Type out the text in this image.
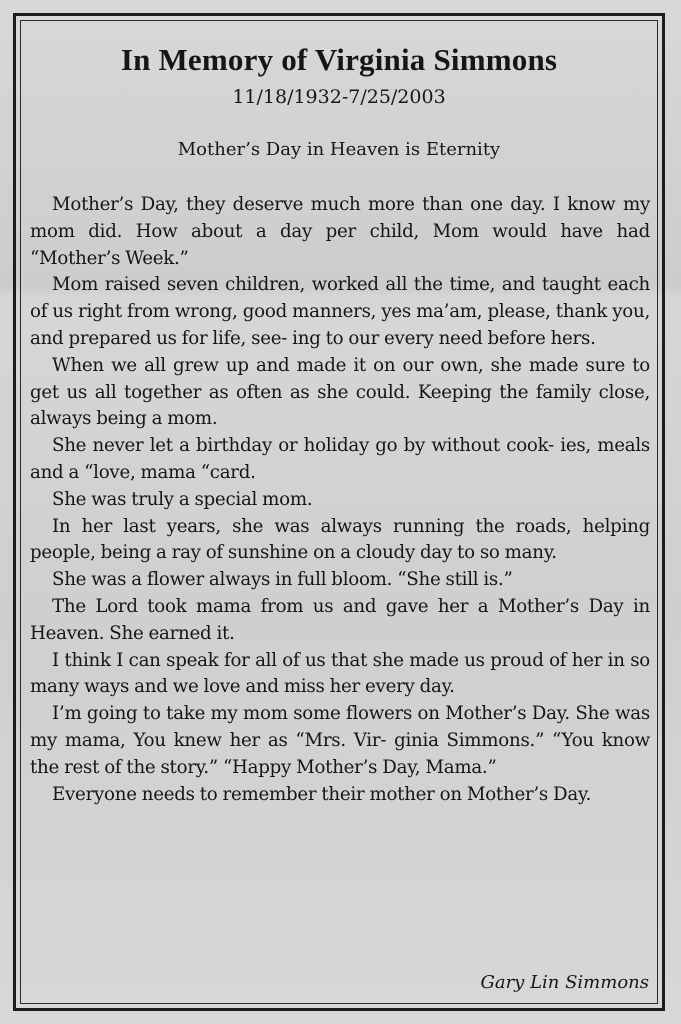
In Memory of Virginia Simmons
11/18/1932-7/25/2003
Mother’s Day in Heaven is Eternity

Mother’s Day, they deserve much more than one day. I know my mom did. How about a day per child, Mom would have had “Mother’s Week.”

Mom raised seven children, worked all the time, and taught each of us right from wrong, good manners, yes ma’am, please, thank you, and prepared us for life, see- ing to our every need before hers.

When we all grew up and made it on our own, she made sure to get us all together as often as she could. Keeping the family close, always being a mom.

She never let a birthday or holiday go by without cook- ies, meals and a “love, mama “card.

She was truly a special mom.

In her last years, she was always running the roads, helping people, being a ray of sunshine on a cloudy day to so many.

She was a flower always in full bloom. “She still is.”

The Lord took mama from us and gave her a Mother’s Day in Heaven. She earned it.

I think I can speak for all of us that she made us proud of her in so many ways and we love and miss her every day.

I’m going to take my mom some flowers on Mother’s Day. She was my mama, You knew her as “Mrs. Vir- ginia Simmons.” “You know the rest of the story.” “Happy Mother’s Day, Mama.”

Everyone needs to remember their mother on Mother’s Day.

Gary Lin Simmons
